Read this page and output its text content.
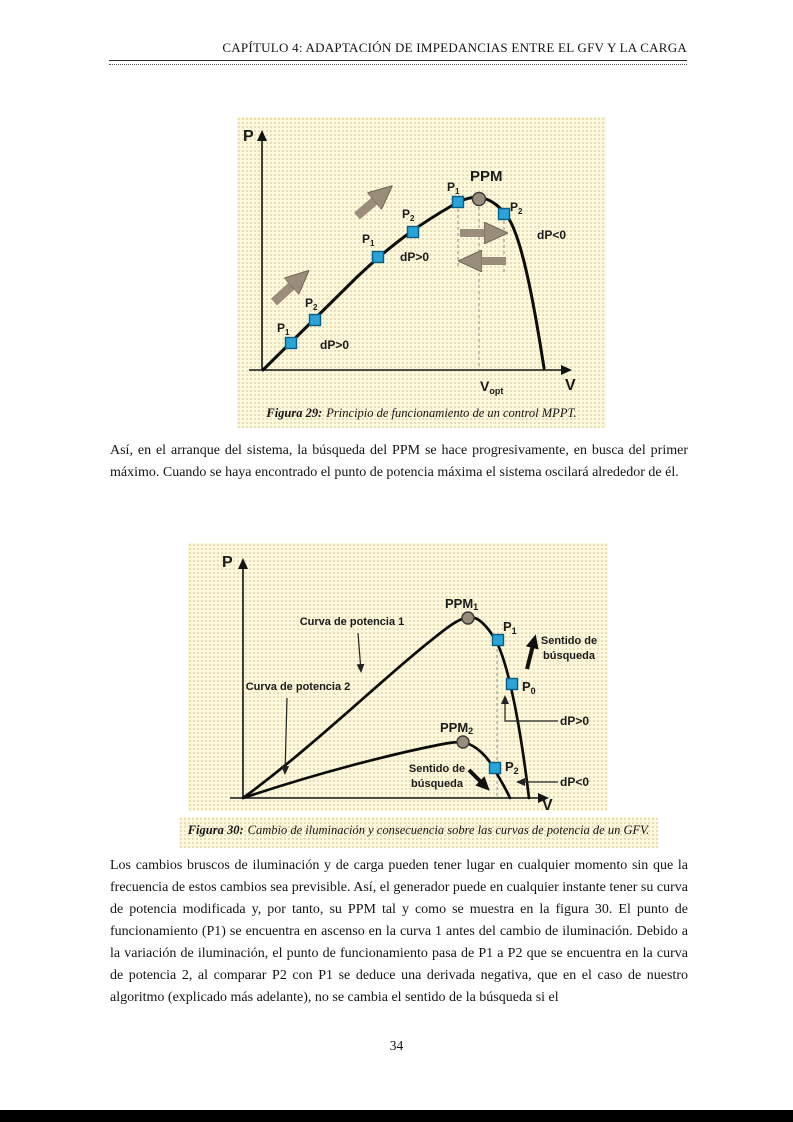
CAPÍTULO 4: ADAPTACIÓN DE IMPEDANCIAS ENTRE EL GFV Y LA CARGA
P
V
PPM
$P_1$
$P_2$
$P_1$
$P_2$
$P_1$
$P_2$
dP>0
dP>0
dP<0
$V_{opt}$
Figura 29: Principio de funcionamiento de un control MPPT.

Así, en el arranque del sistema, la búsqueda del PPM se hace progresivamente, en busca del primer máximo. Cuando se haya encontrado el punto de potencia máxima el sistema oscilará alrededor de él.

P
V
PPM1
PPM2
$P_1$
$P_0$
$P_2$
Curva de potencia 1
Curva de potencia 2
Sentido de
búsqueda
Sentido de
búsqueda
dP>0
dP<0
Figura 30: Cambio de iluminación y consecuencia sobre las curvas de potencia de un GFV.

Los cambios bruscos de iluminación y de carga pueden tener lugar en cualquier momento sin que la frecuencia de estos cambios sea previsible. Así, el generador puede en cualquier instante tener su curva de potencia modificada y, por tanto, su PPM tal y como se muestra en la figura 30. El punto de funcionamiento (P1) se encuentra en ascenso en la curva 1 antes del cambio de iluminación. Debido a la variación de iluminación, el punto de funcionamiento pasa de P1 a P2 que se encuentra en la curva de potencia 2, al comparar P2 con P1 se deduce una derivada negativa, que en el caso de nuestro algoritmo (explicado más adelante), no se cambia el sentido de la búsqueda si el

34
